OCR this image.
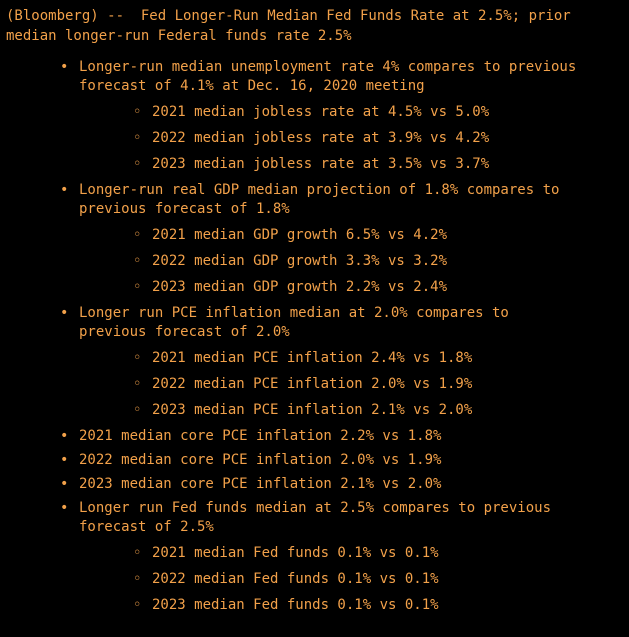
(Bloomberg) --  Fed Longer-Run Median Fed Funds Rate at 2.5%; prior median longer-run Federal funds rate 2.5%
• Longer-run median unemployment rate 4% compares to previous forecast of 4.1% at Dec. 16, 2020 meeting
◦ 2021 median jobless rate at 4.5% vs 5.0%
◦ 2022 median jobless rate at 3.9% vs 4.2%
◦ 2023 median jobless rate at 3.5% vs 3.7%
• Longer-run real GDP median projection of 1.8% compares to previous forecast of 1.8%
◦ 2021 median GDP growth 6.5% vs 4.2%
◦ 2022 median GDP growth 3.3% vs 3.2%
◦ 2023 median GDP growth 2.2% vs 2.4%
• Longer run PCE inflation median at 2.0% compares to previous forecast of 2.0%
◦ 2021 median PCE inflation 2.4% vs 1.8%
◦ 2022 median PCE inflation 2.0% vs 1.9%
◦ 2023 median PCE inflation 2.1% vs 2.0%
• 2021 median core PCE inflation 2.2% vs 1.8%
• 2022 median core PCE inflation 2.0% vs 1.9%
• 2023 median core PCE inflation 2.1% vs 2.0%
• Longer run Fed funds median at 2.5% compares to previous forecast of 2.5%
◦ 2021 median Fed funds 0.1% vs 0.1%
◦ 2022 median Fed funds 0.1% vs 0.1%
◦ 2023 median Fed funds 0.1% vs 0.1%
